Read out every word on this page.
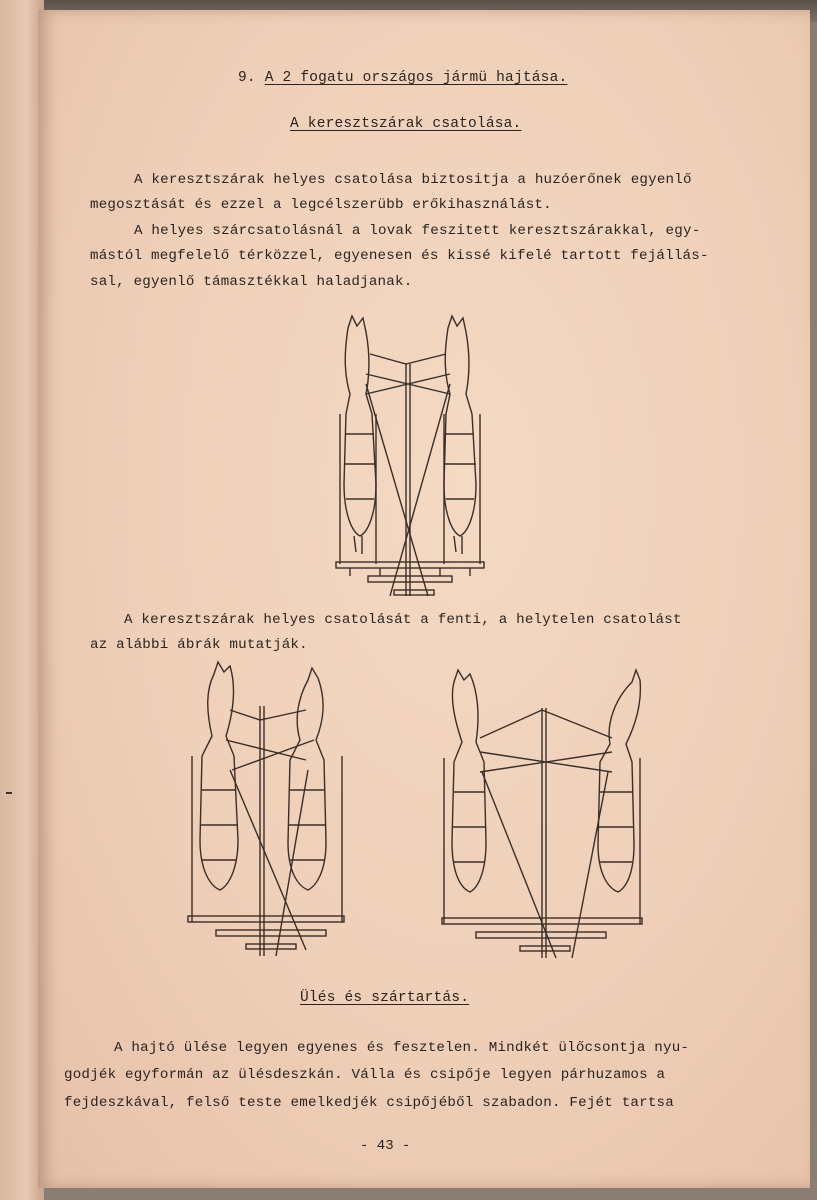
9. A 2 fogatu országos jármü hajtása.
A keresztszárak csatolása.
A keresztszárak helyes csatolása biztositja a huzóerőnek egyenlő
megosztását és ezzel a legcélszerübb erőkihasználást.
A helyes szárcsatolásnál a lovak feszitett keresztszárakkal, egy-
mástól megfelelő térközzel, egyenesen és kissé kifelé tartott fejállás-
sal, egyenlő támasztékkal haladjanak.
A keresztszárak helyes csatolását a fenti, a helytelen csatolást
az alábbi ábrák mutatják.
Ülés és szártartás.
A hajtó ülése legyen egyenes és fesztelen. Mindkét ülőcsontja nyu-
godjék egyformán az ülésdeszkán. Válla és csipője legyen párhuzamos a
fejdeszkával, felső teste emelkedjék csipőjéből szabadon. Fejét tartsa
- 43 -
